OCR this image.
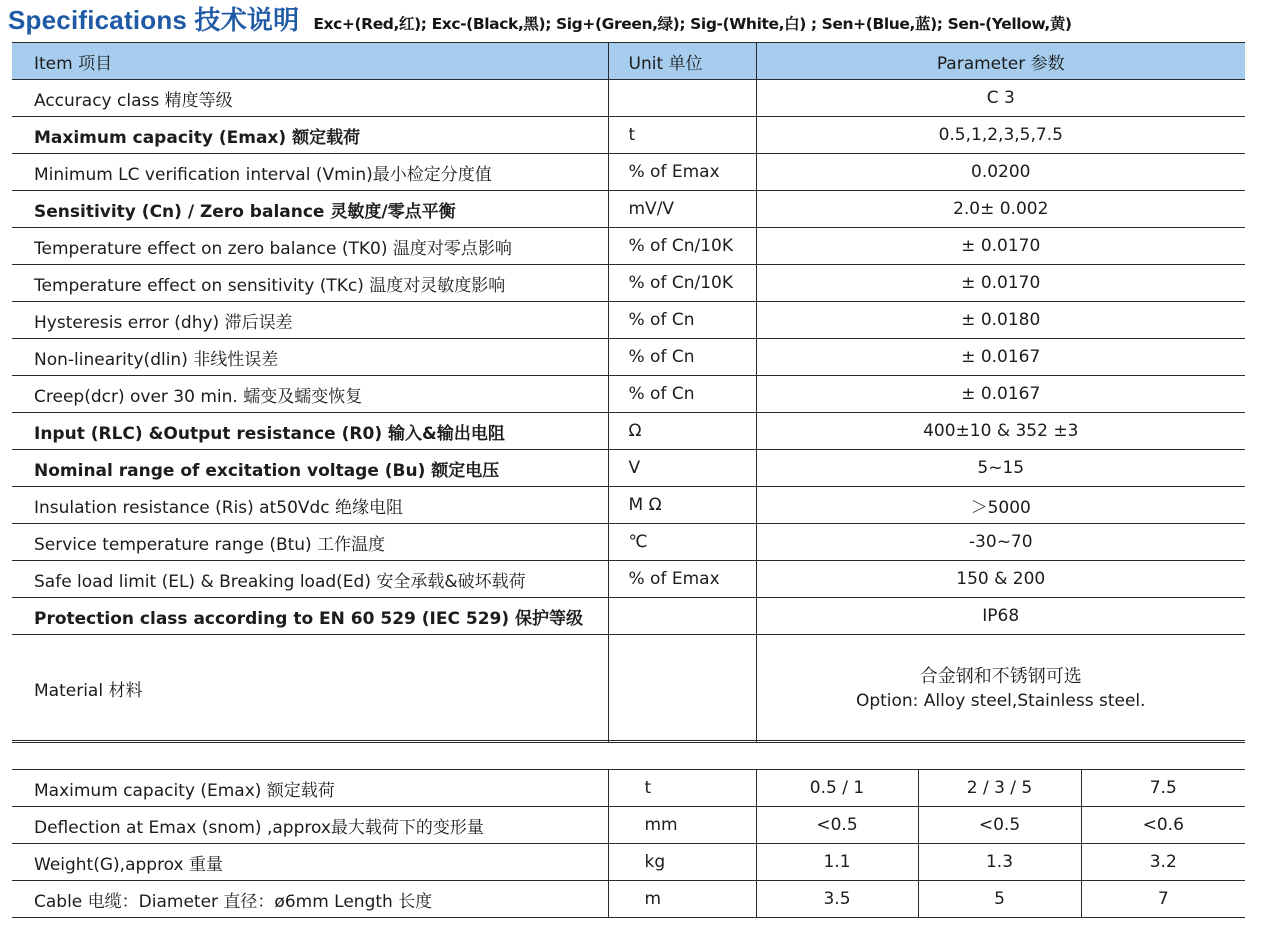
Specifications 技术说明 Exc+(Red,红); Exc-(Black,黑); Sig+(Green,绿); Sig-(White,白) ; Sen+(Blue,蓝); Sen-(Yellow,黄)
Item 项目	Unit 单位	Parameter 参数
Accuracy class 精度等级		C 3
Maximum capacity (Emax) 额定载荷	t	0.5,1,2,3,5,7.5
Minimum LC verification interval (Vmin)最小检定分度值	% of Emax	0.0200
Sensitivity (Cn) / Zero balance 灵敏度/零点平衡	mV/V	2.0± 0.002
Temperature effect on zero balance (TK0) 温度对零点影响	% of Cn/10K	± 0.0170
Temperature effect on sensitivity (TKc) 温度对灵敏度影响	% of Cn/10K	± 0.0170
Hysteresis error (dhy) 滞后误差	% of Cn	± 0.0180
Non-linearity(dlin) 非线性误差	% of Cn	± 0.0167
Creep(dcr) over 30 min. 蠕变及蠕变恢复	% of Cn	± 0.0167
Input (RLC) &Output resistance (R0) 输入&输出电阻	Ω	400±10 & 352 ±3
Nominal range of excitation voltage (Bu) 额定电压	V	5~15
Insulation resistance (Ris) at50Vdc 绝缘电阻	M Ω	＞5000
Service temperature range (Btu) 工作温度	℃	-30~70
Safe load limit (EL) & Breaking load(Ed) 安全承载&破坏载荷	% of Emax	150 & 200
Protection class according to EN 60 529 (IEC 529) 保护等级		IP68
Material 材料		合金钢和不锈钢可选
Option: Alloy steel,Stainless steel.
Maximum capacity (Emax) 额定载荷	t	0.5 / 1	2 / 3 / 5	7.5
Deflection at Emax (snom) ,approx最大载荷下的变形量	mm	<0.5	<0.5	<0.6
Weight(G),approx 重量	kg	1.1	1.3	3.2
Cable 电缆：Diameter 直径：ø6mm Length 长度	m	3.5	5	7
